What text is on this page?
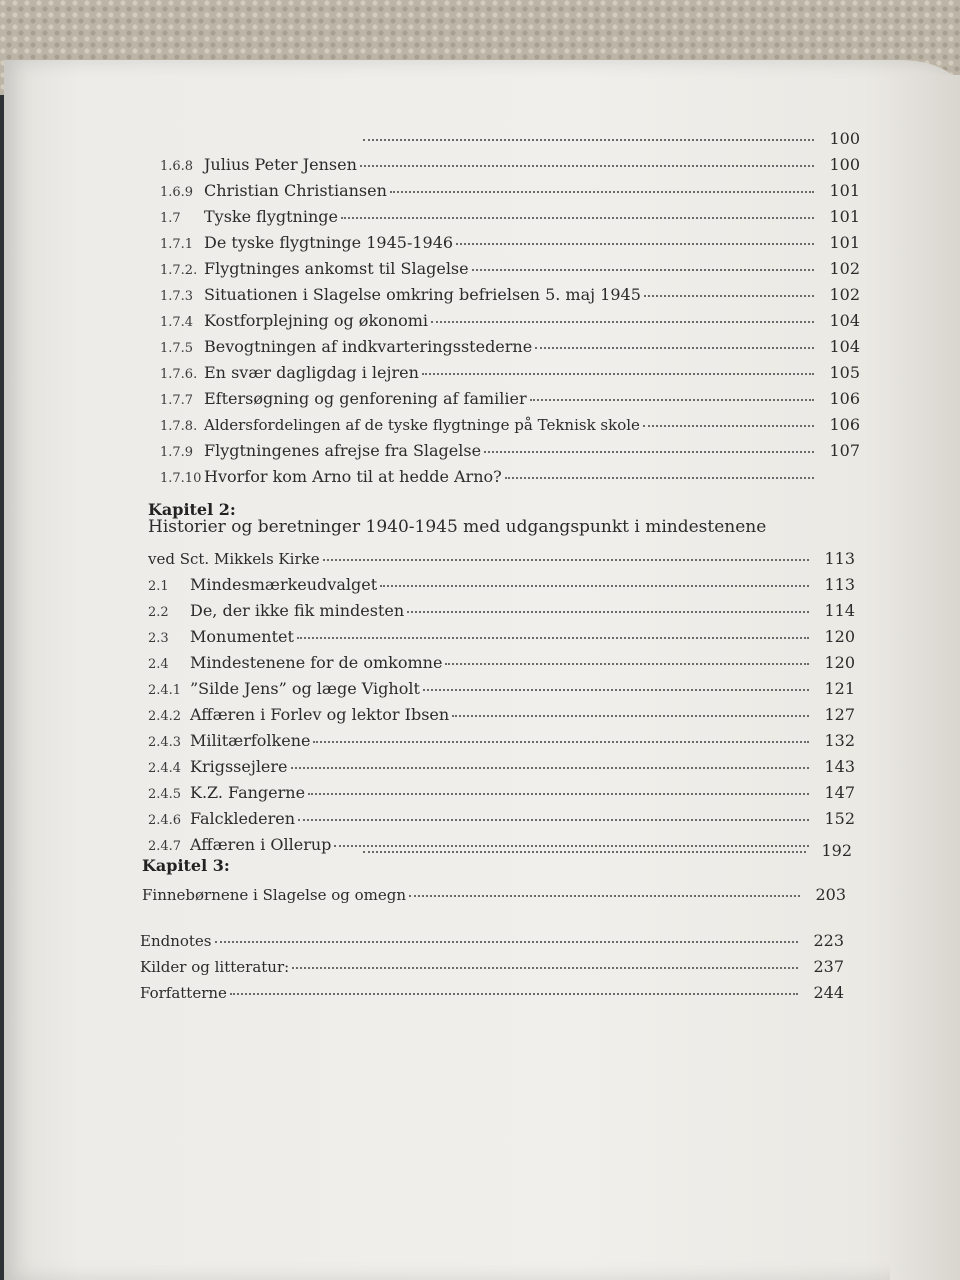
100
1.6.8 Julius Peter Jensen	100
1.6.9 Christian Christiansen	101
1.7	Tyske flygtninge	101
1.7.1 De tyske flygtninge 1945-1946	101
1.7.2. Flygtninges ankomst til Slagelse	102
1.7.3 Situationen i Slagelse omkring befrielsen 5. maj 1945	102
1.7.4 Kostforplejning og økonomi	104
1.7.5 Bevogtningen af indkvarteringsstederne	104
1.7.6. En svær dagligdag i lejren	105
1.7.7 Eftersøgning og genforening af familier	106
1.7.8. Aldersfordelingen af de tyske flygtninge på Teknisk skole	106
1.7.9 Flygtningenes afrejse fra Slagelse	107
1.7.10 Hvorfor kom Arno til at hedde Arno?
Kapitel 2:
Historier og beretninger 1940-1945 med udgangspunkt i mindestenene
ved Sct. Mikkels Kirke	113
2.1	Mindesmærkeudvalget	113
2.2	De, der ikke fik mindesten	114
2.3	Monumentet	120
2.4	Mindestenene for de omkomne	120
2.4.1 ”Silde Jens” og læge Vigholt	121
2.4.2 Affæren i Forlev og lektor Ibsen	127
2.4.3 Militærfolkene	132
2.4.4 Krigssejlere	143
2.4.5 K.Z. Fangerne	147
2.4.6 Falcklederen	152
2.4.7 Affæren i Ollerup	192
Kapitel 3:
Finnebørnene i Slagelse og omegn	203
Endnotes	223
Kilder og litteratur:	237
Forfatterne	244
